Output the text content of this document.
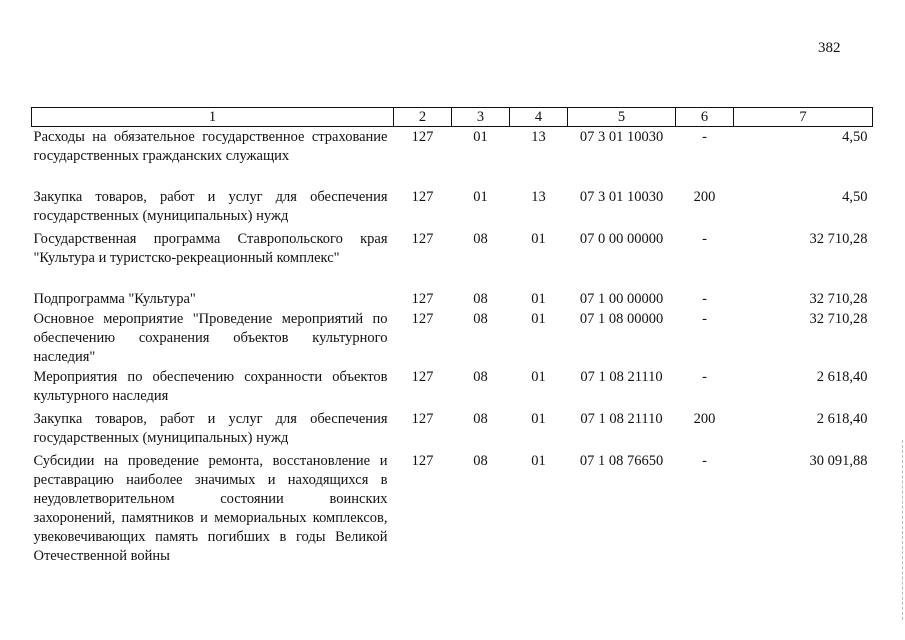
382
1	2	3	4	5	6	7
Расходы на обязательное государственное страхование государственных гражданских служащих	127	01	13	07 3 01 10030	-	4,50
Закупка товаров, работ и услуг для обеспечения государственных (муниципальных) нужд	127	01	13	07 3 01 10030	200	4,50
Государственная программа Ставропольского края "Культура и туристско-рекреационный комплекс"	127	08	01	07 0 00 00000	-	32 710,28
Подпрограмма "Культура"	127	08	01	07 1 00 00000	-	32 710,28
Основное мероприятие "Проведение мероприятий по обеспечению сохранения объектов культурного наследия"	127	08	01	07 1 08 00000	-	32 710,28
Мероприятия по обеспечению сохранности объектов культурного наследия	127	08	01	07 1 08 21110	-	2 618,40
Закупка товаров, работ и услуг для обеспечения государственных (муниципальных) нужд	127	08	01	07 1 08 21110	200	2 618,40
Субсидии на проведение ремонта, восстановление и реставрацию наиболее значимых и находящихся в неудовлетворительном состоянии воинских захоронений, памятников и мемориальных комплексов, увековечивающих память погибших в годы Великой Отечественной войны	127	08	01	07 1 08 76650	-	30 091,88
